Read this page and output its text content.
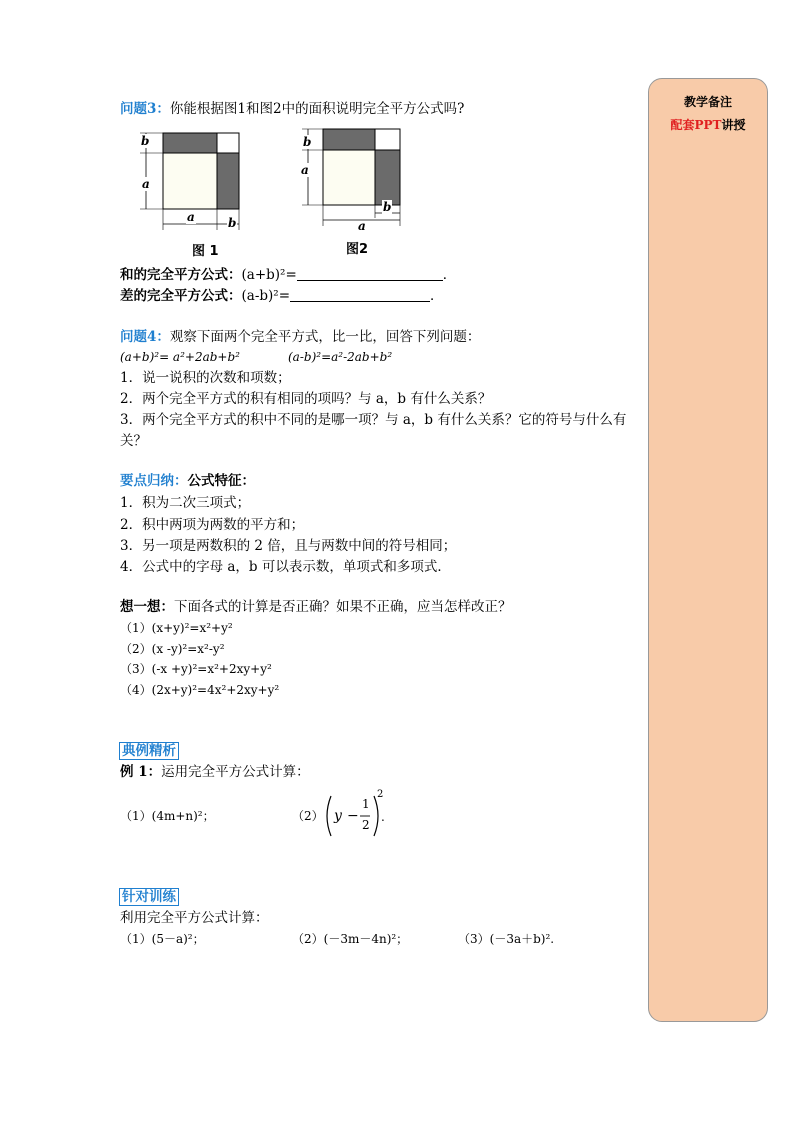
教学备注
配套PPT讲授
问题3：你能根据图1和图2中的面积说明完全平方公式吗?
b
a
a	b
图 1
b
a
b
a
图2
和的完全平方公式：(a+b)²=	．
差的完全平方公式：(a-b)²=	．
问题4：观察下面两个完全平方式，比一比，回答下列问题：
(a+b)²= a²+2ab+b²	(a-b)²=a²-2ab+b²
1．说一说积的次数和项数；
2．两个完全平方式的积有相同的项吗？与 a，b 有什么关系？
3．两个完全平方式的积中不同的是哪一项？与 a，b 有什么关系？它的符号与什么有
关？
要点归纳：公式特征：
1．积为二次三项式；
2．积中两项为两数的平方和；
3．另一项是两数积的 2 倍，且与两数中间的符号相同；
4．公式中的字母 a，b 可以表示数，单项式和多项式．
想一想：下面各式的计算是否正确？如果不正确，应当怎样改正？
（1）(x+y)²=x²+y²
（2）(x -y)²=x²-y²
（3）(-x +y)²=x²+2xy+y²
（4）(2x+y)²=4x²+2xy+y²
典例精析
例 1：运用完全平方公式计算：
（1）(4m+n)²；	（2） y −
1
2
2
.
针对训练
利用完全平方公式计算：
（1）(5－a)²；	（2）(－3m－4n)²；	（3）(－3a＋b)².
